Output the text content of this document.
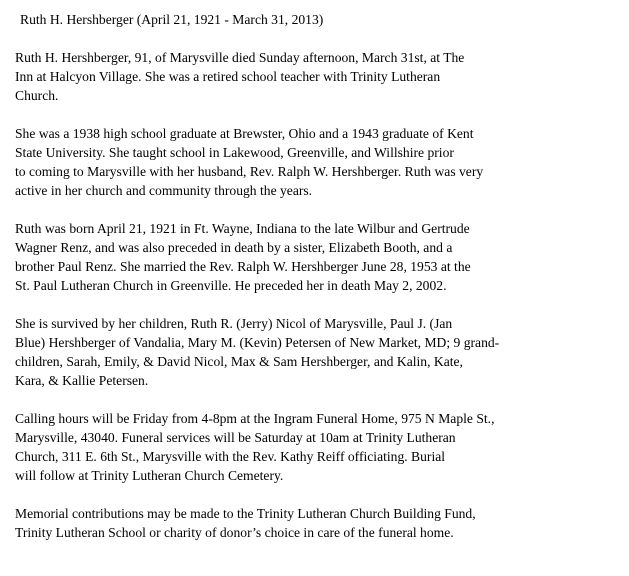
Ruth H. Hershberger (April 21, 1921 - March 31, 2013)
Ruth H. Hershberger, 91, of Marysville died Sunday afternoon, March 31st, at The
Inn at Halcyon Village. She was a retired school teacher with Trinity Lutheran
Church.
She was a 1938 high school graduate at Brewster, Ohio and a 1943 graduate of Kent
State University. She taught school in Lakewood, Greenville, and Willshire prior
to coming to Marysville with her husband, Rev. Ralph W. Hershberger. Ruth was very
active in her church and community through the years.
Ruth was born April 21, 1921 in Ft. Wayne, Indiana to the late Wilbur and Gertrude
Wagner Renz, and was also preceded in death by a sister, Elizabeth Booth, and a
brother Paul Renz. She married the Rev. Ralph W. Hershberger June 28, 1953 at the
St. Paul Lutheran Church in Greenville. He preceded her in death May 2, 2002.
She is survived by her children, Ruth R. (Jerry) Nicol of Marysville, Paul J. (Jan
Blue) Hershberger of Vandalia, Mary M. (Kevin) Petersen of New Market, MD; 9 grand-
children, Sarah, Emily, & David Nicol, Max & Sam Hershberger, and Kalin, Kate,
Kara, & Kallie Petersen.
Calling hours will be Friday from 4-8pm at the Ingram Funeral Home, 975 N Maple St.,
Marysville, 43040. Funeral services will be Saturday at 10am at Trinity Lutheran
Church, 311 E. 6th St., Marysville with the Rev. Kathy Reiff officiating. Burial
will follow at Trinity Lutheran Church Cemetery.
Memorial contributions may be made to the Trinity Lutheran Church Building Fund,
Trinity Lutheran School or charity of donor’s choice in care of the funeral home.
